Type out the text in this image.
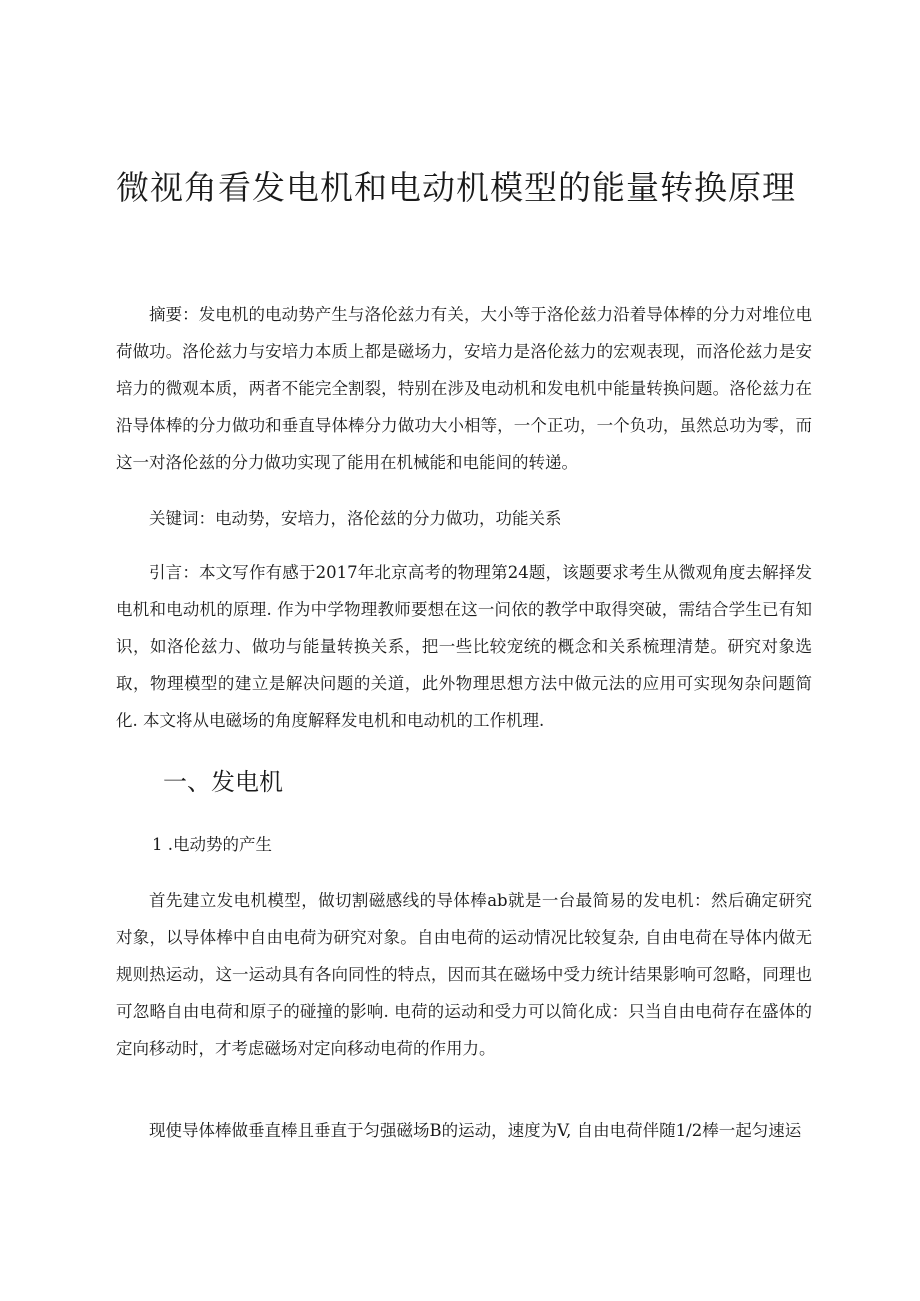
微视角看发电机和电动机模型的能量转换原理

摘要：发电机的电动势产生与洛伦兹力有关，大小等于洛伦兹力沿着导体棒的分力对堆位电荷做功。洛伦兹力与安培力本质上都是磁场力，安培力是洛伦兹力的宏观表现，而洛伦兹力是安培力的微观本质，两者不能完全割裂，特别在涉及电动机和发电机中能量转换问题。洛伦兹力在沿导体棒的分力做功和垂直导体棒分力做功大小相等，一个正功，一个负功，虽然总功为零，而这一对洛伦兹的分力做功实现了能用在机械能和电能间的转递。

关键词：电动势，安培力，洛伦兹的分力做功，功能关系

引言：本文写作有感于2017年北京高考的物理第24题，该题要求考生从微观角度去解择发电机和电动机的原理. 作为中学物理教师要想在这一问依的教学中取得突破，需结合学生已有知识，如洛伦兹力、做功与能量转换关系，把一些比较宠统的概念和关系梳理清楚。研究对象选取，物理模型的建立是解决问题的关道，此外物理思想方法中做元法的应用可实现匆杂问题简化. 本文将从电磁场的角度解释发电机和电动机的工作机理.

一、发电机
1 .电动势的产生

首先建立发电机模型，做切割磁感线的导体棒ab就是一台最简易的发电机：然后确定研究对象，以导体棒中自由电荷为研究对象。自由电荷的运动情况比较复杂, 自由电荷在导体内做无规则热运动，这一运动具有各向同性的特点，因而其在磁场中受力统计结果影响可忽略，同理也可忽略自由电荷和原子的碰撞的影响. 电荷的运动和受力可以简化成：只当自由电荷存在盛体的定向移动时，才考虑磁场对定向移动电荷的作用力。

现使导体棒做垂直棒且垂直于匀强磁场B的运动，速度为V, 自由电荷伴随1/2棒一起匀速运
